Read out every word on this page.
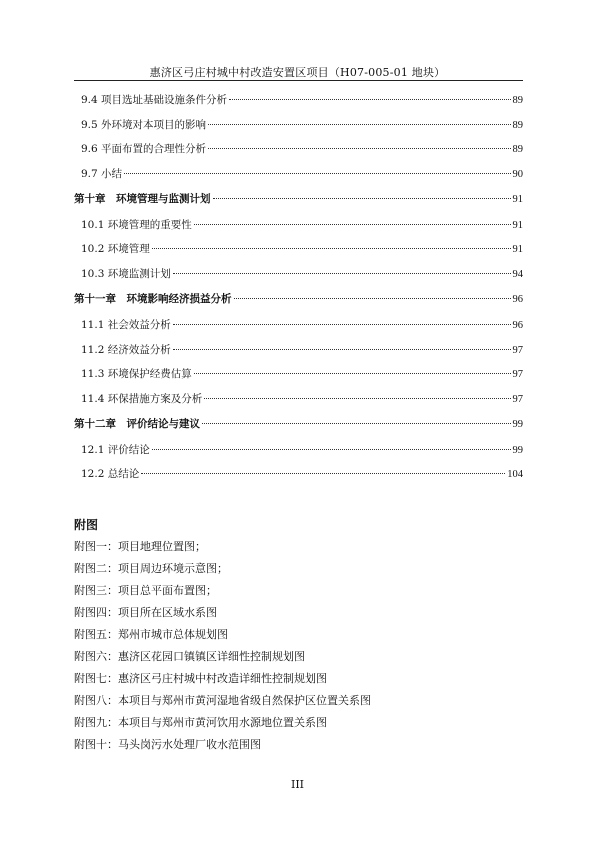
惠济区弓庄村城中村改造安置区项目（H07-005-01 地块）
9.4 项目选址基础设施条件分析	89
9.5 外环境对本项目的影响	89
9.6 平面布置的合理性分析	89
9.7 小结	90
第十章　环境管理与监测计划	91
10.1 环境管理的重要性	91
10.2 环境管理	91
10.3 环境监测计划	94
第十一章　环境影响经济损益分析	96
11.1 社会效益分析	96
11.2 经济效益分析	97
11.3 环境保护经费估算	97
11.4 环保措施方案及分析	97
第十二章　评价结论与建议	99
12.1 评价结论	99
12.2 总结论	104
附图
附图一：项目地理位置图；
附图二：项目周边环境示意图；
附图三：项目总平面布置图；
附图四：项目所在区域水系图
附图五：郑州市城市总体规划图
附图六：惠济区花园口镇镇区详细性控制规划图
附图七：惠济区弓庄村城中村改造详细性控制规划图
附图八：本项目与郑州市黄河湿地省级自然保护区位置关系图
附图九：本项目与郑州市黄河饮用水源地位置关系图
附图十：马头岗污水处理厂收水范围图
III
